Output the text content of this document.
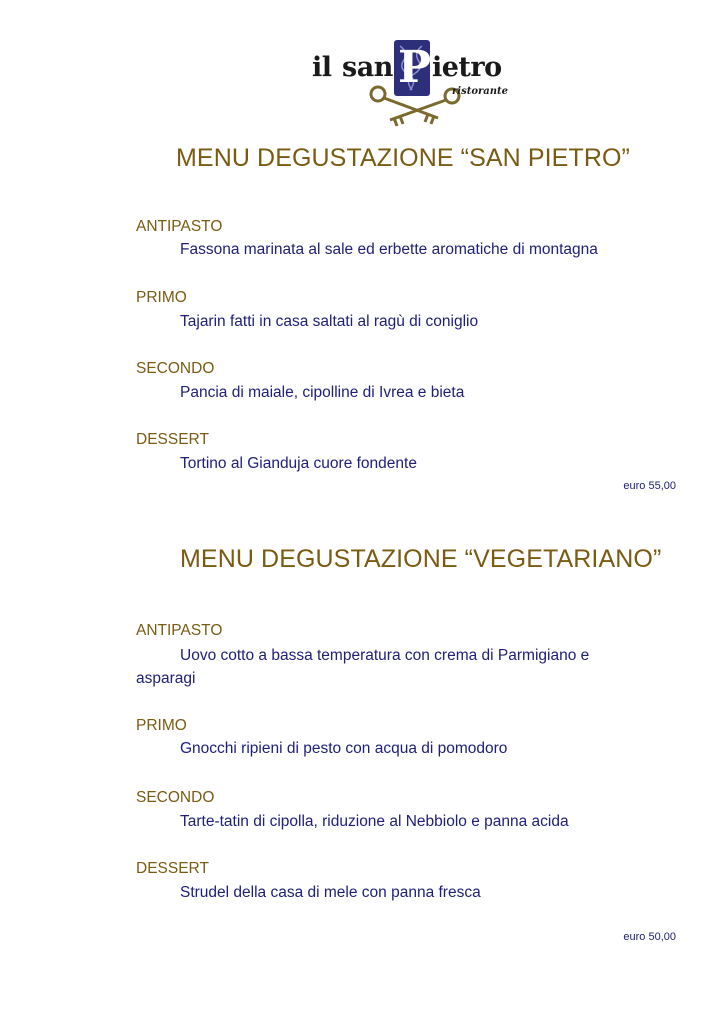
il san P ietro
ristorante
MENU DEGUSTAZIONE “SAN PIETRO”
ANTIPASTO
Fassona marinata al sale ed erbette aromatiche di montagna
PRIMO
Tajarin fatti in casa saltati al ragù di coniglio
SECONDO
Pancia di maiale, cipolline di Ivrea e bieta
DESSERT
Tortino al Gianduja cuore fondente
euro 55,00
MENU DEGUSTAZIONE “VEGETARIANO”
ANTIPASTO
Uovo cotto a bassa temperatura con crema di Parmigiano e
asparagi
PRIMO
Gnocchi ripieni di pesto con acqua di pomodoro
SECONDO
Tarte-tatin di cipolla, riduzione al Nebbiolo e panna acida
DESSERT
Strudel della casa di mele con panna fresca
euro 50,00
